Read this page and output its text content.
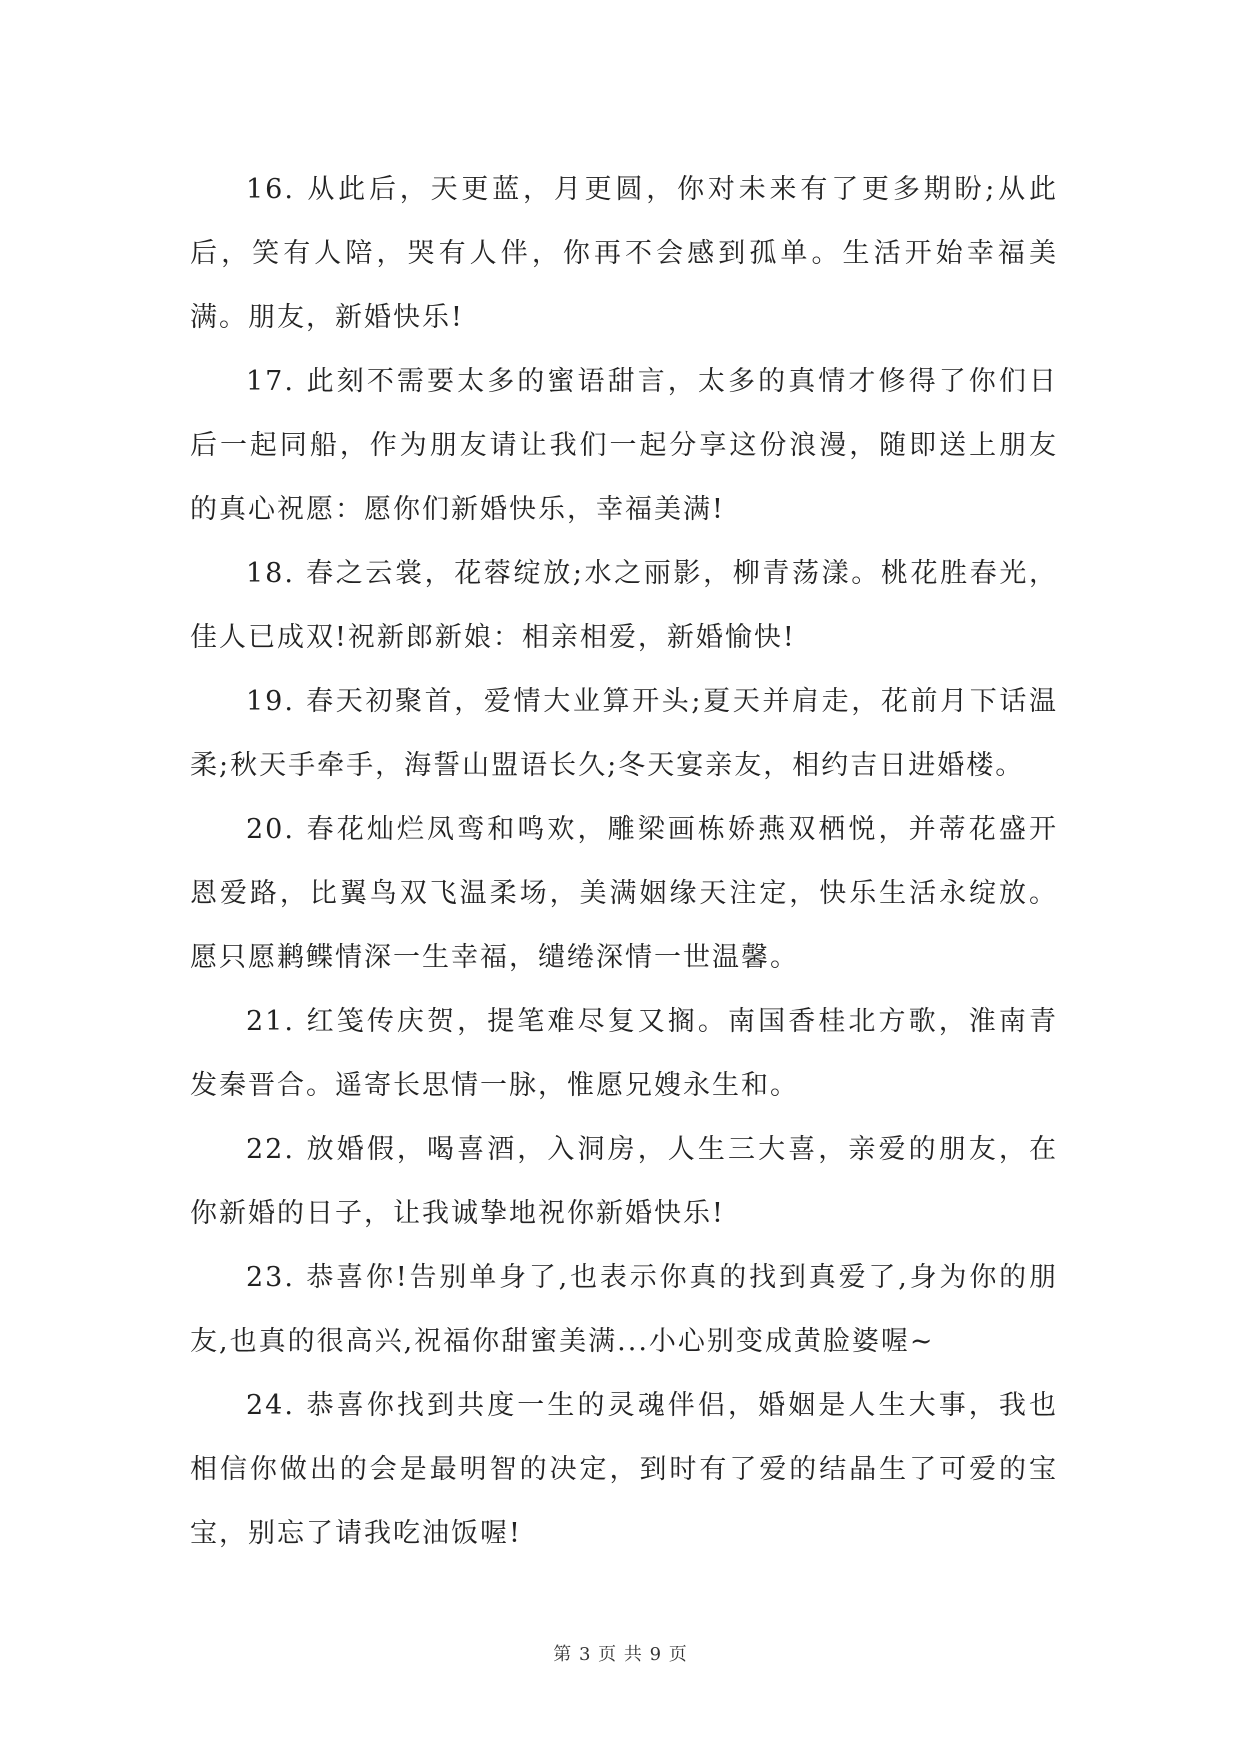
16. 从此后，天更蓝，月更圆，你对未来有了更多期盼;从此后，笑有人陪，哭有人伴，你再不会感到孤单。生活开始幸福美满。朋友，新婚快乐!

17. 此刻不需要太多的蜜语甜言，太多的真情才修得了你们日后一起同船，作为朋友请让我们一起分享这份浪漫，随即送上朋友的真心祝愿：愿你们新婚快乐，幸福美满!

18. 春之云裳，花蓉绽放;水之丽影，柳青荡漾。桃花胜春光，佳人已成双!祝新郎新娘：相亲相爱，新婚愉快!

19. 春天初聚首，爱情大业算开头;夏天并肩走，花前月下话温柔;秋天手牵手，海誓山盟语长久;冬天宴亲友，相约吉日进婚楼。

20. 春花灿烂凤鸾和鸣欢，雕梁画栋娇燕双栖悦，并蒂花盛开恩爱路，比翼鸟双飞温柔场，美满姻缘天注定，快乐生活永绽放。愿只愿鹣鲽情深一生幸福，缱绻深情一世温馨。

21. 红笺传庆贺，提笔难尽复又搁。南国香桂北方歌，淮南青发秦晋合。遥寄长思情一脉，惟愿兄嫂永生和。

22. 放婚假，喝喜酒，入洞房，人生三大喜，亲爱的朋友，在你新婚的日子，让我诚挚地祝你新婚快乐!

23. 恭喜你!告别单身了,也表示你真的找到真爱了,身为你的朋友,也真的很高兴,祝福你甜蜜美满...小心别变成黄脸婆喔~

24. 恭喜你找到共度一生的灵魂伴侣，婚姻是人生大事，我也相信你做出的会是最明智的决定，到时有了爱的结晶生了可爱的宝宝，别忘了请我吃油饭喔!

第 3 页 共 9 页
